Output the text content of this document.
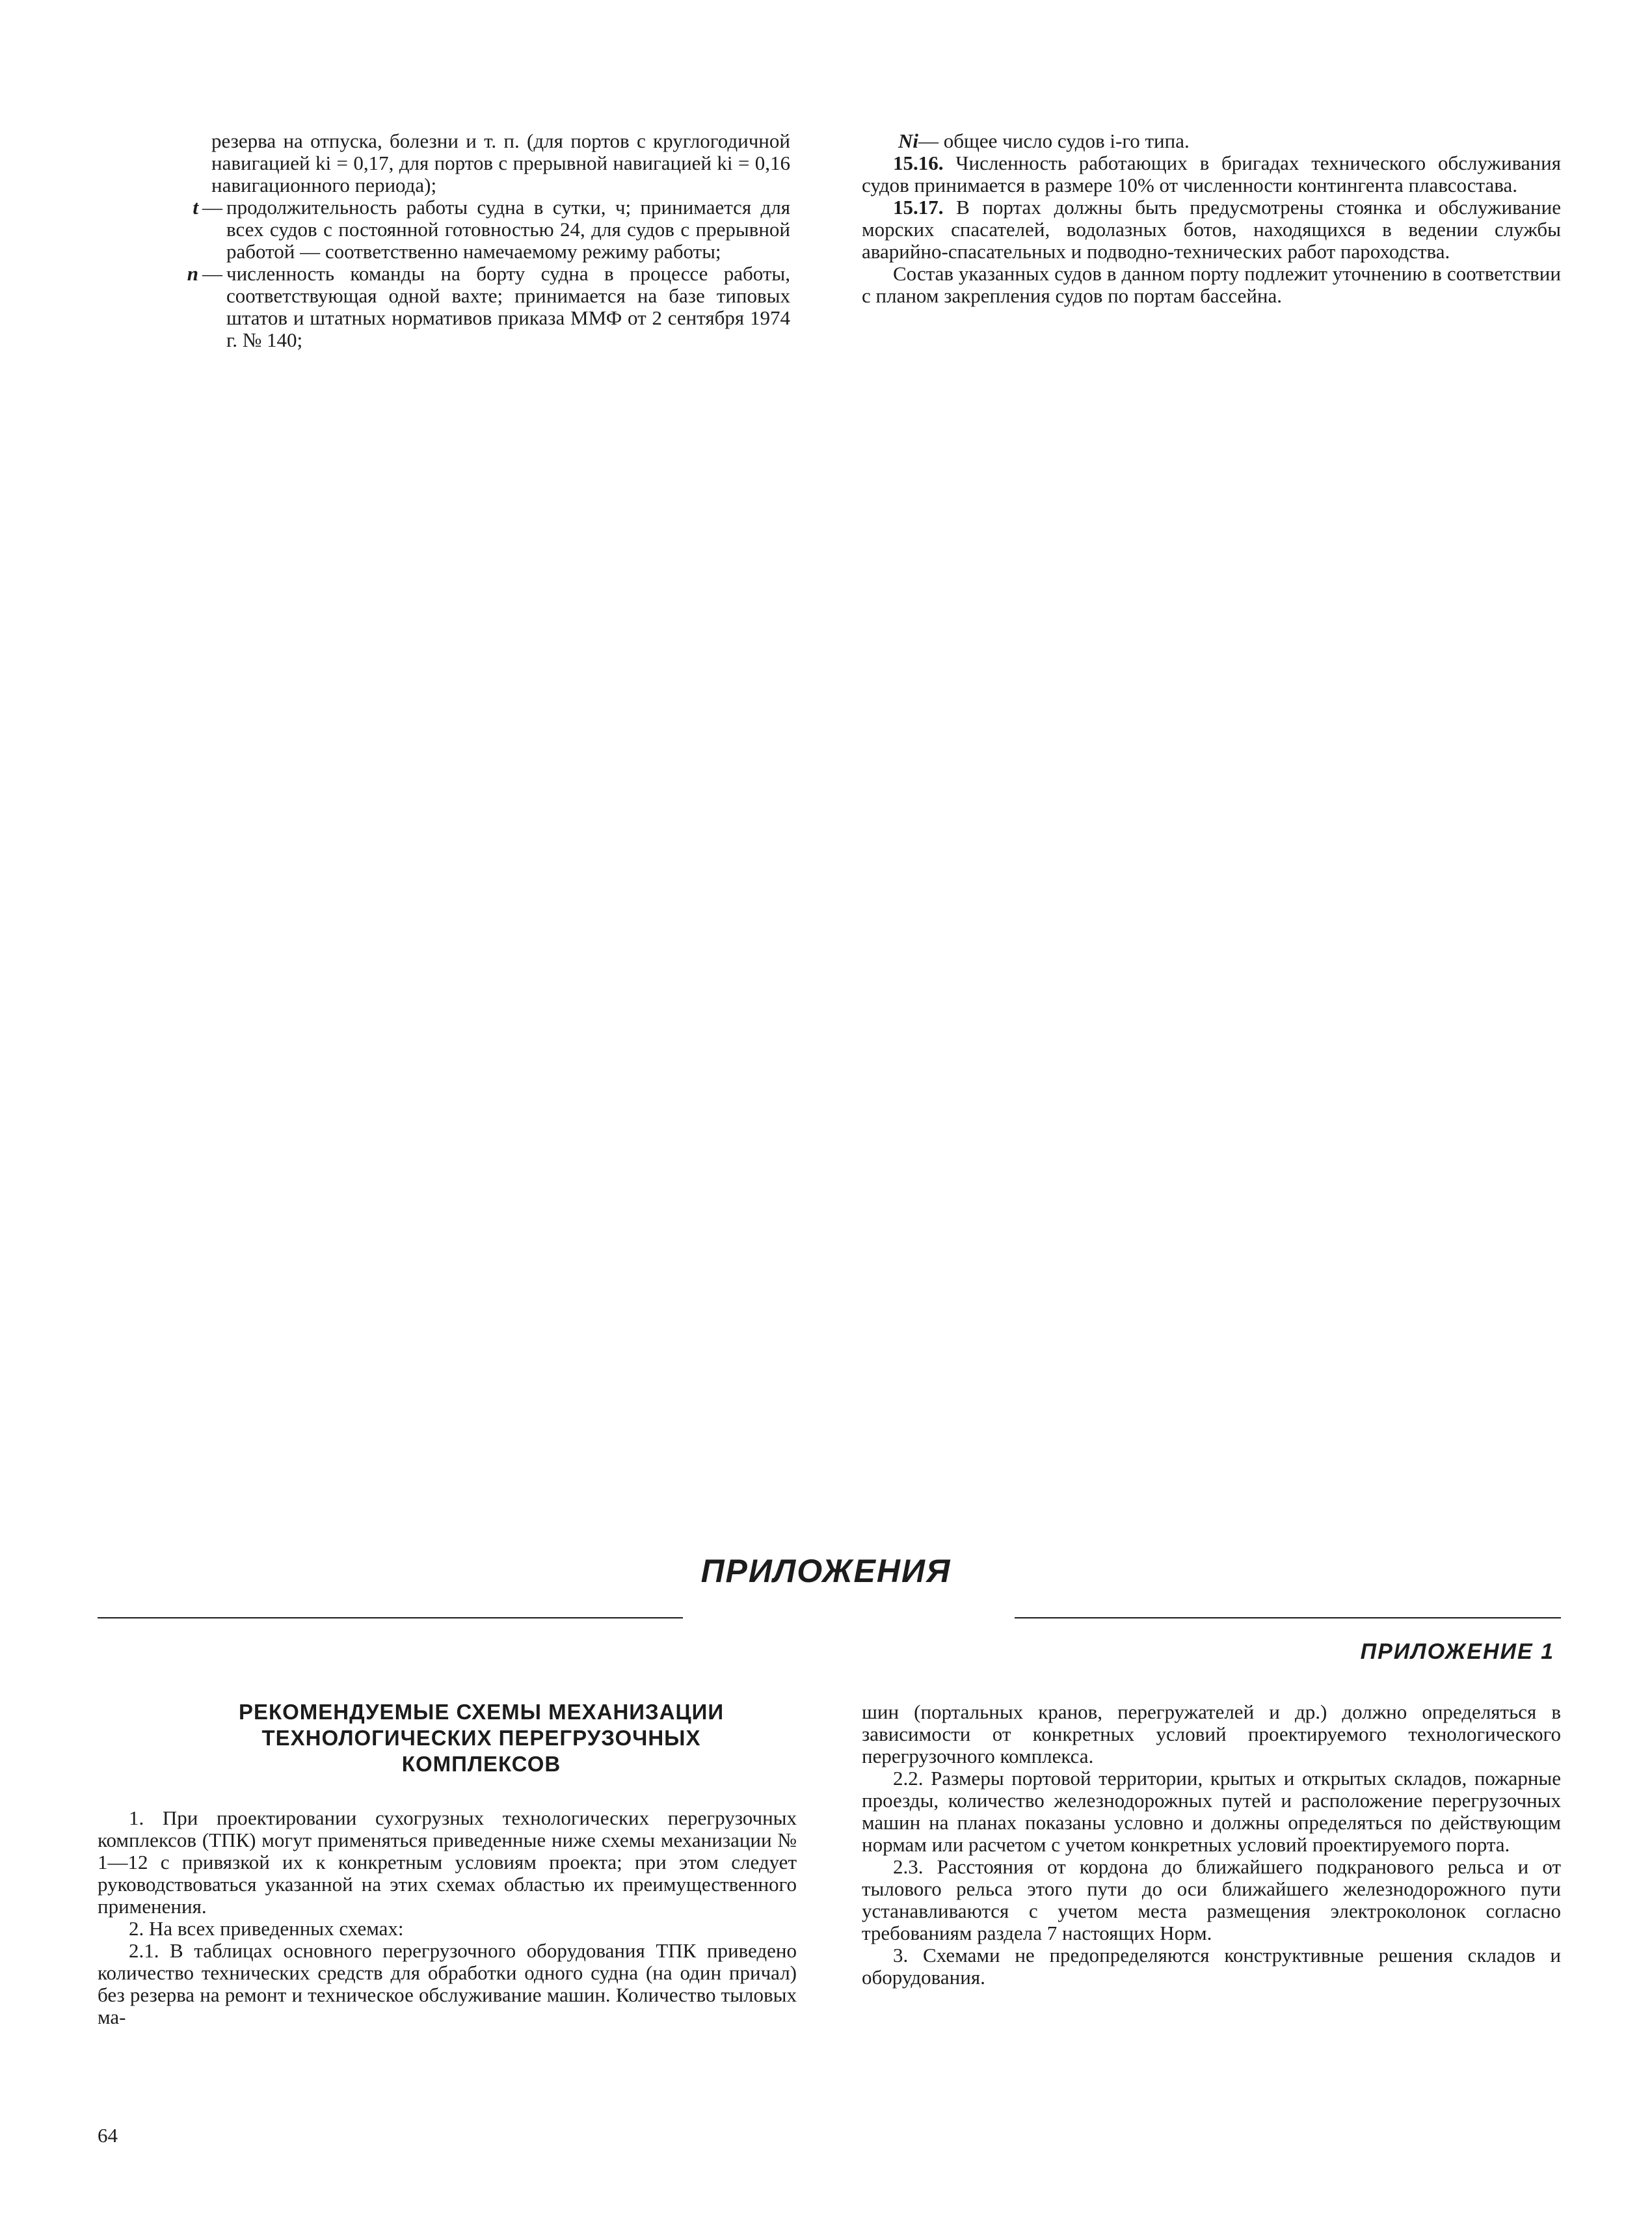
резерва на отпуска, болезни и т. п. (для портов с круглогодичной навигацией ki = 0,17, для портов с прерывной навигацией ki = 0,16 навигационного периода);
t — продолжительность работы судна в сутки, ч; принимается для всех судов с постоянной готовностью 24, для судов с прерывной работой — соответственно намечаемому режиму работы;
n — численность команды на борту судна в процессе работы, соответствующая одной вахте; принимается на базе типовых штатов и штатных нормативов приказа ММФ от 2 сентября 1974 г. № 140;

Ni— общее число судов i-го типа.

15.16. Численность работающих в бригадах технического обслуживания судов принимается в размере 10% от численности контингента плавсостава.

15.17. В портах должны быть предусмотрены стоянка и обслуживание морских спасателей, водолазных ботов, находящихся в ведении службы аварийно-спасательных и подводно-технических работ пароходства.

Состав указанных судов в данном порту подлежит уточнению в соответствии с планом закрепления судов по портам бассейна.

ПРИЛОЖЕНИЯ
ПРИЛОЖЕНИЕ 1
РЕКОМЕНДУЕМЫЕ СХЕМЫ МЕХАНИЗАЦИИ
ТЕХНОЛОГИЧЕСКИХ ПЕРЕГРУЗОЧНЫХ
КОМПЛЕКСОВ

1. При проектировании сухогрузных технологических перегрузочных комплексов (ТПК) могут применяться приведенные ниже схемы механизации № 1—12 с привязкой их к конкретным условиям проекта; при этом следует руководствоваться указанной на этих схемах областью их преимущественного применения.

2. На всех приведенных схемах:

2.1. В таблицах основного перегрузочного оборудования ТПК приведено количество технических средств для обработки одного судна (на один причал) без резерва на ремонт и техническое обслуживание машин. Количество тыловых ма-

шин (портальных кранов, перегружателей и др.) должно определяться в зависимости от конкретных условий проектируемого технологического перегрузочного комплекса.

2.2. Размеры портовой территории, крытых и открытых складов, пожарные проезды, количество железнодорожных путей и расположение перегрузочных машин на планах показаны условно и должны определяться по действующим нормам или расчетом с учетом конкретных условий проектируемого порта.

2.3. Расстояния от кордона до ближайшего подкранового рельса и от тылового рельса этого пути до оси ближайшего железнодорожного пути устанавливаются с учетом места размещения электроколонок согласно требованиям раздела 7 настоящих Норм.

3. Схемами не предопределяются конструктивные решения складов и оборудования.

64
